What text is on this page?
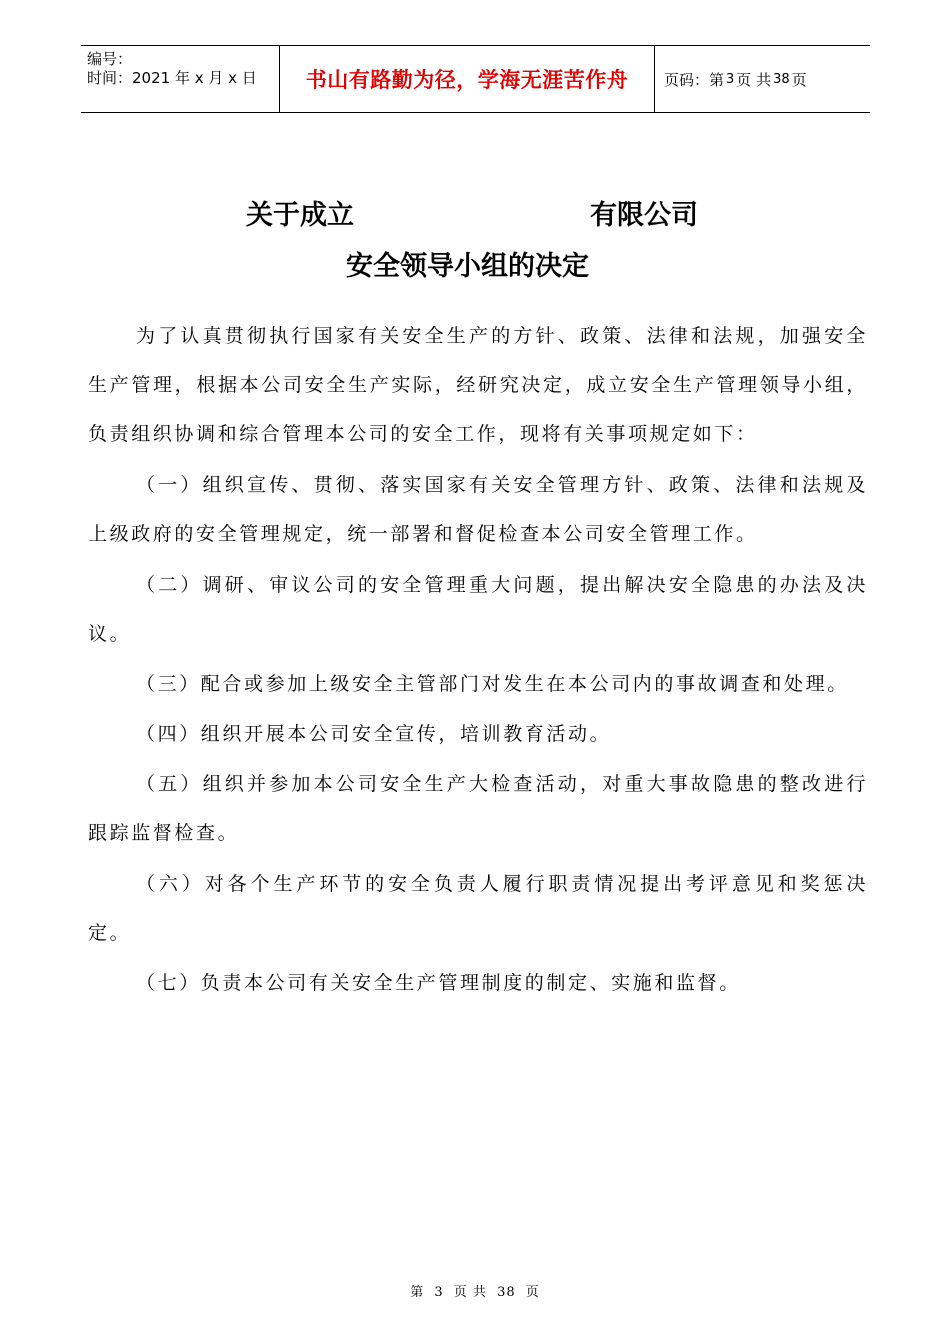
编号：
时间：2021 年 x 月 x 日	书山有路勤为径，学海无涯苦作舟	页码：第 3 页 共 38 页
关于成立	有限公司
安全领导小组的决定
为了认真贯彻执行国家有关安全生产的方针、政策、法律和法规，加强安全生产管理，根据本公司安全生产实际，经研究决定，成立安全生产管理领导小组，负责组织协调和综合管理本公司的安全工作，现将有关事项规定如下：
（一）组织宣传、贯彻、落实国家有关安全管理方针、政策、法律和法规及上级政府的安全管理规定，统一部署和督促检查本公司安全管理工作。
（二）调研、审议公司的安全管理重大问题，提出解决安全隐患的办法及决议。
（三）配合或参加上级安全主管部门对发生在本公司内的事故调查和处理。
（四）组织开展本公司安全宣传，培训教育活动。
（五）组织并参加本公司安全生产大检查活动，对重大事故隐患的整改进行跟踪监督检查。
（六）对各个生产环节的安全负责人履行职责情况提出考评意见和奖惩决定。
（七）负责本公司有关安全生产管理制度的制定、实施和监督。
第 3 页 共 38 页
